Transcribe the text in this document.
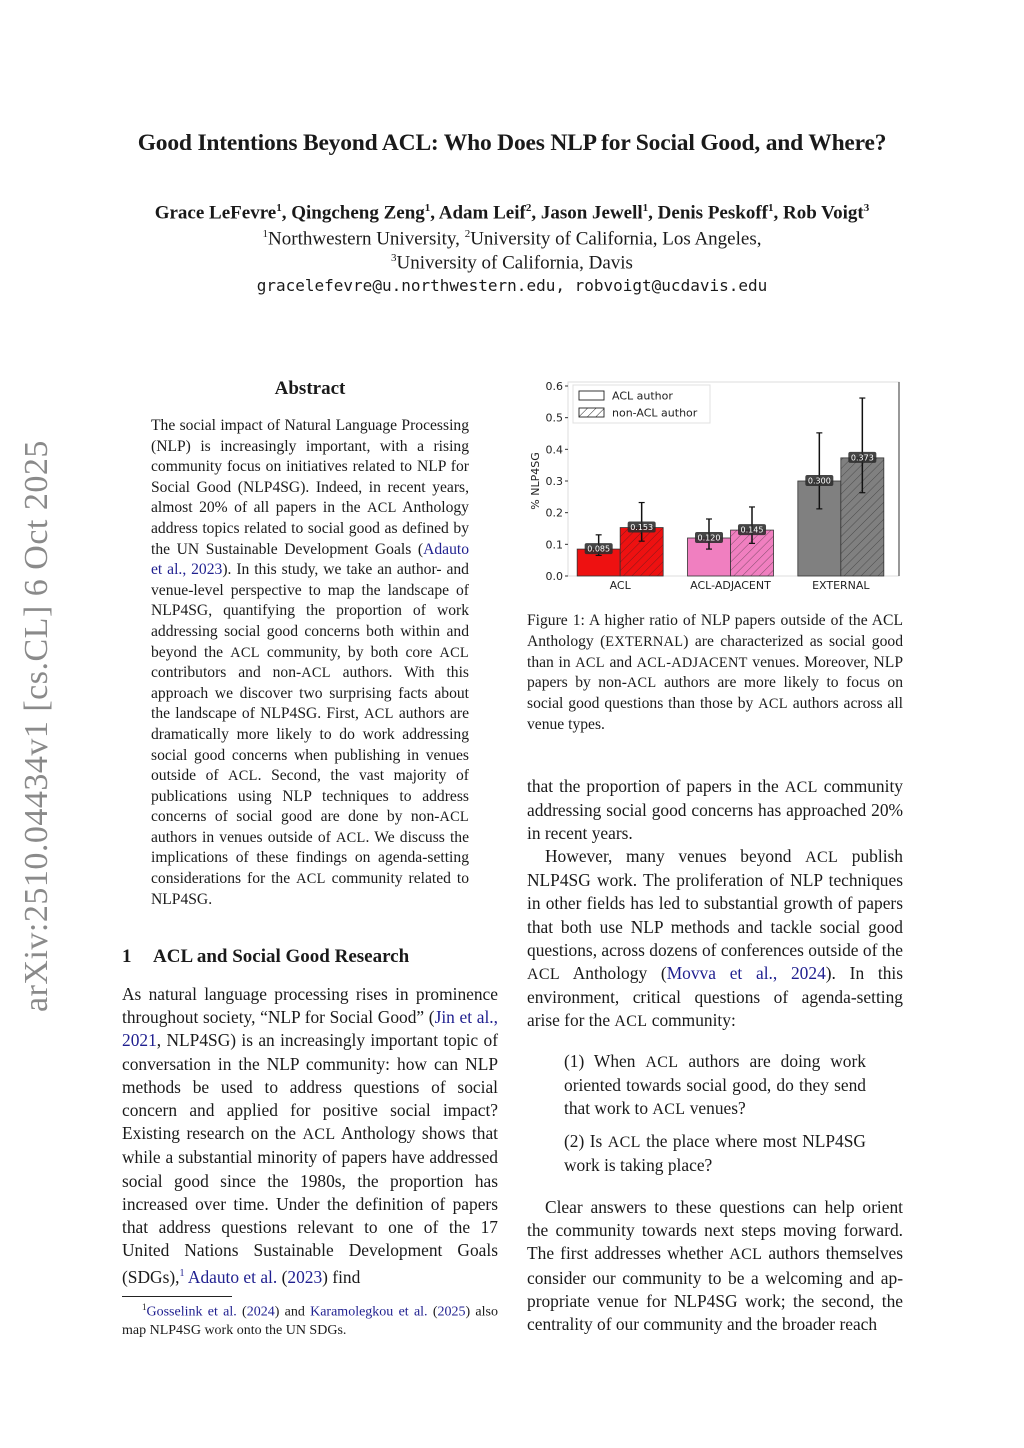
arXiv:2510.04434v1 [cs.CL] 6 Oct 2025
Good Intentions Beyond ACL: Who Does NLP for Social Good, and Where?
Grace LeFevre$^1$, Qingcheng Zeng$^1$, Adam Leif$^2$, Jason Jewell$^1$, Denis Peskoff$^1$, Rob Voigt$^3$
$^1$Northwestern University, $^2$University of California, Los Angeles,
$^3$University of California, Davis
gracelefevre@u.northwestern.edu, robvoigt@ucdavis.edu
Abstract
The social impact of Natural Language Processing (NLP) is increasingly important, with a rising community focus on initiatives related to NLP for Social Good (NLP4SG). Indeed, in recent years, almost 20% of all papers in the ACL Anthology address topics related to social good as defined by the UN Sustainable Development Goals (Adauto et al., 2023). In this study, we take an author- and venue-level perspective to map the landscape of NLP4SG, quantifying the proportion of work addressing social good concerns both within and beyond the ACL community, by both core ACL contributors and non-ACL authors. With this approach we discover two surprising facts about the landscape of NLP4SG. First, ACL authors are dramatically more likely to do work addressing social good concerns when publishing in venues outside of ACL. Second, the vast majority of publications using NLP techniques to address concerns of social good are done by non-ACL authors in venues outside of ACL. We discuss the implications of these findings on agenda-setting considerations for the ACL community related to NLP4SG.
1 ACL and Social Good Research
As natural language processing rises in prominence throughout society, “NLP for Social Good” (Jin et al., 2021, NLP4SG) is an increasingly important topic of conversation in the NLP community: how can NLP methods be used to address questions of social concern and applied for positive social impact? Existing research on the ACL Anthology shows that while a substantial minority of papers have addressed social good since the 1980s, the proportion has increased over time. Under the definition of papers that address questions relevant to one of the 17 United Nations Sustainable Development Goals (SDGs),$^1$ Adauto et al. (2023) find
$^1$Gosselink et al. (2024) and Karamolegkou et al. (2025) also map NLP4SG work onto the UN SDGs.
0.0
0.1
0.2
0.3
0.4
0.5
0.6
% NLP4SG
0.085
0.153
ACL
0.120
0.145
ACL-ADJACENT
0.300
0.373
EXTERNAL
ACL author
non-ACL author
Figure 1: A higher ratio of NLP papers outside of the ACL Anthology (EXTERNAL) are characterized as social good than in ACL and ACL-ADJACENT venues. Moreover, NLP papers by non-ACL authors are more likely to focus on social good questions than those by ACL authors across all venue types.
that the proportion of papers in the ACL community addressing social good concerns has approached 20% in recent years.
However, many venues beyond ACL publish NLP4SG work. The proliferation of NLP techniques in other fields has led to substantial growth of papers that both use NLP methods and tackle social good questions, across dozens of conferences outside of the ACL Anthology (Movva et al., 2024). In this environment, critical questions of agenda-setting arise for the ACL community:
(1) When ACL authors are doing work oriented towards social good, do they send that work to ACL venues?
(2) Is ACL the place where most NLP4SG work is taking place?
Clear answers to these questions can help orient the community towards next steps moving forward. The first addresses whether ACL authors themselves consider our community to be a welcoming and appropriate venue for NLP4SG work; the second, the centrality of our community and the broader reach
